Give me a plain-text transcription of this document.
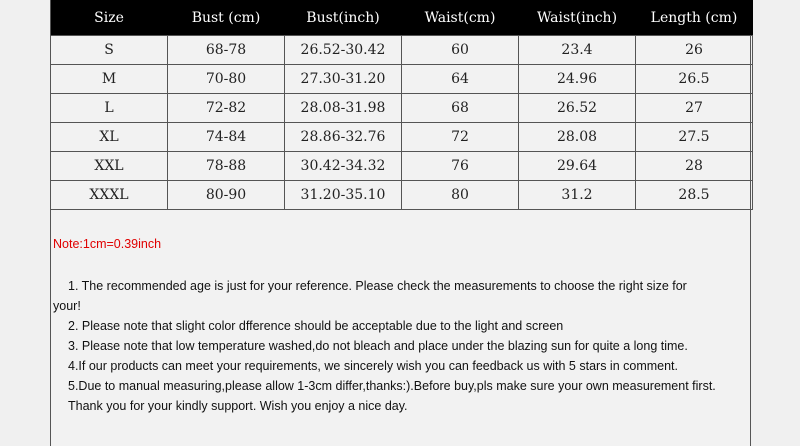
Size	Bust (cm)	Bust(inch)	Waist(cm)	Waist(inch)	Length (cm)
S	68-78	26.52-30.42	60	23.4	26
M	70-80	27.30-31.20	64	24.96	26.5
L	72-82	28.08-31.98	68	26.52	27
XL	74-84	28.86-32.76	72	28.08	27.5
XXL	78-88	30.42-34.32	76	29.64	28
XXXL	80-90	31.20-35.10	80	31.2	28.5
Note:1cm=0.39inch
1. The recommended age is just for your reference. Please check the measurements to choose the right size for
your!
2. Please note that slight color dfference should be acceptable due to the light and screen
3. Please note that low temperature washed,do not bleach and place under the blazing sun for quite a long time.
4.If our products can meet your requirements, we sincerely wish you can feedback us with 5 stars in comment.
5.Due to manual measuring,please allow 1-3cm differ,thanks:).Before buy,pls make sure your own measurement first.
Thank you for your kindly support. Wish you enjoy a nice day.
